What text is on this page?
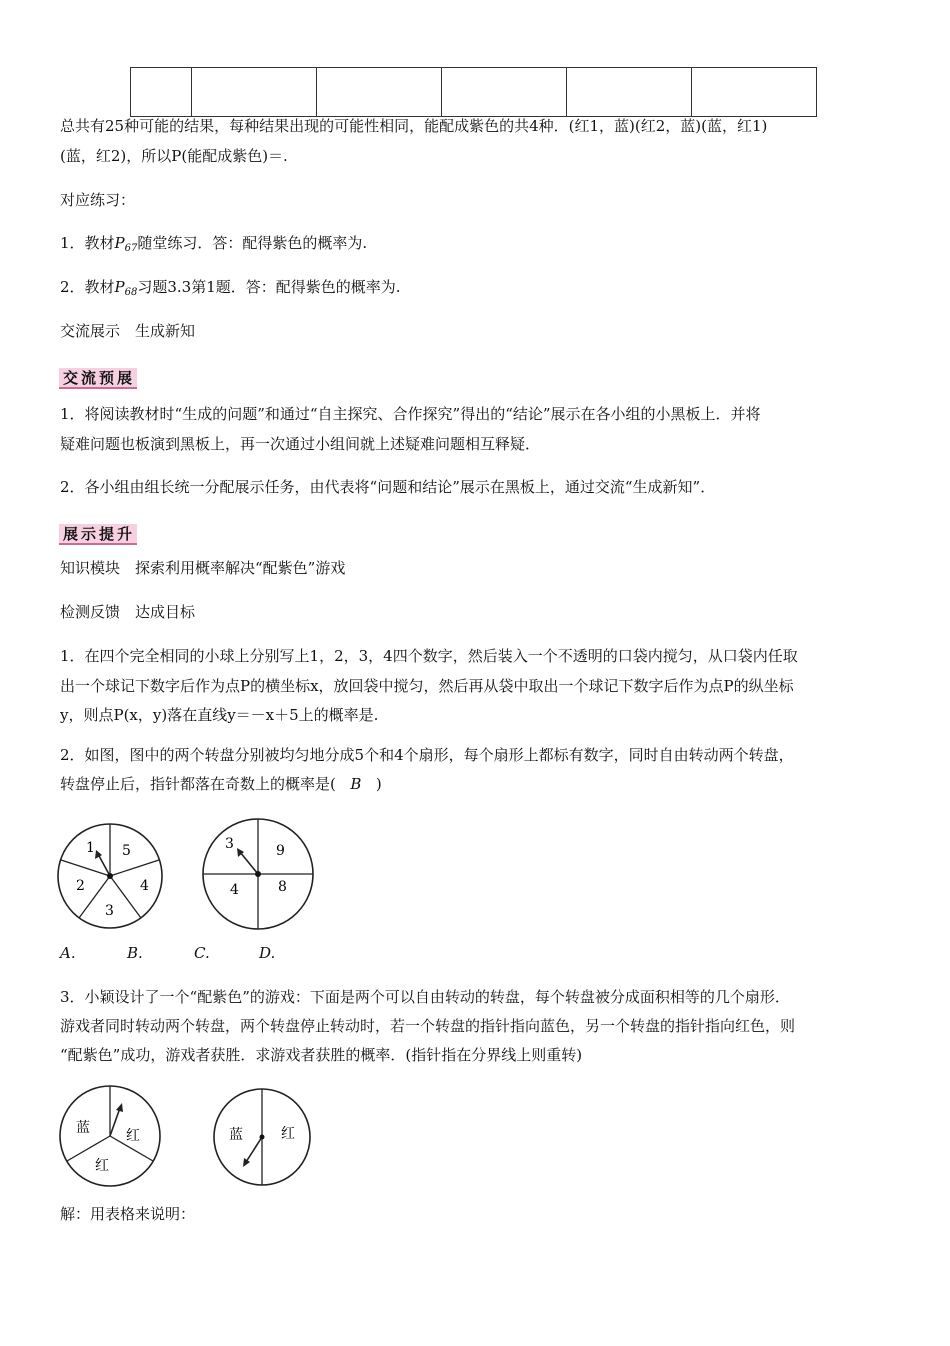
总共有25种可能的结果，每种结果出现的可能性相同，能配成紫色的共4种．(红1，蓝)(红2，蓝)(蓝，红1)
(蓝，红2)，所以P(能配成紫色)＝.
对应练习：
1．教材$P_{67}$随堂练习．答：配得紫色的概率为.
2．教材$P_{68}$习题3.3第1题．答：配得紫色的概率为.
交流展示　生成新知
交流预展
1．将阅读教材时“生成的问题”和通过“自主探究、合作探究”得出的“结论”展示在各小组的小黑板上．并将
疑难问题也板演到黑板上，再一次通过小组间就上述疑难问题相互释疑．
2．各小组由组长统一分配展示任务，由代表将“问题和结论”展示在黑板上，通过交流“生成新知”．
展示提升
知识模块　探索利用概率解决“配紫色”游戏
检测反馈　达成目标
1．在四个完全相同的小球上分别写上1，2，3，4四个数字，然后装入一个不透明的口袋内搅匀，从口袋内任取
出一个球记下数字后作为点P的横坐标x，放回袋中搅匀，然后再从袋中取出一个球记下数字后作为点P的纵坐标
y，则点P(x，y)落在直线y＝－x＋5上的概率是.
2．如图，图中的两个转盘分别被均匀地分成5个和4个扇形，每个扇形上都标有数字，同时自由转动两个转盘，
转盘停止后，指针都落在奇数上的概率是( B )
1 5
4
3
2
3	9
8
4
A.	B.	C.	D.
3．小颖设计了一个“配紫色”的游戏：下面是两个可以自由转动的转盘，每个转盘被分成面积相等的几个扇形．
游戏者同时转动两个转盘，两个转盘停止转动时，若一个转盘的指针指向蓝色，另一个转盘的指针指向红色，则
“配紫色”成功，游戏者获胜．求游戏者获胜的概率．(指针指在分界线上则重转)
蓝	红
红
蓝	红
解：用表格来说明：
